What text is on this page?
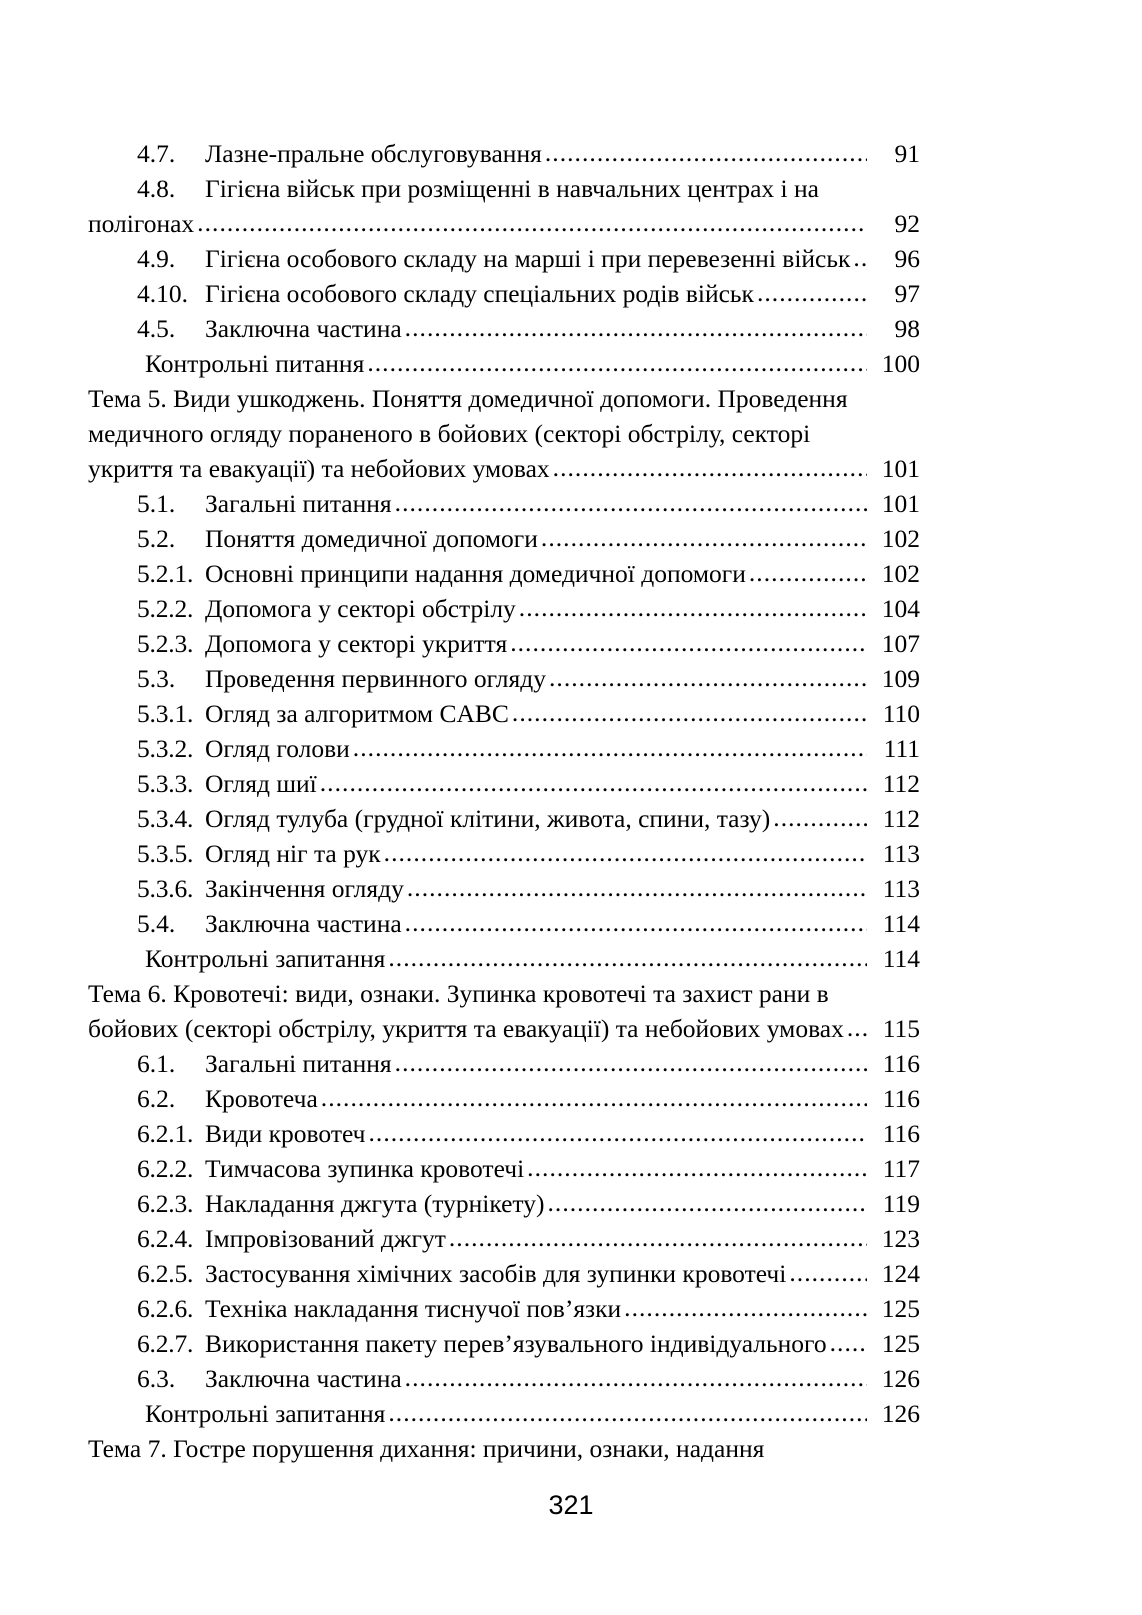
4.7.	Лазне-пральне обслуговування .....	91
4.8.	Гігієна військ при розміщенні в навчальних центрах і на
полігонах .....	92
4.9.	Гігієна особового складу на марші і при перевезенні військ .....	96
4.10. Гігієна особового складу спеціальних родів військ .....	97
4.5.	Заключна частина .....	98
Контрольні питання .....	100
Тема 5. Види ушкоджень. Поняття домедичної допомоги. Проведення
медичного огляду пораненого в бойових (секторі обстрілу, секторі
укриття та евакуації) та небойових умовах .....	101
5.1.	Загальні питання .....	101
5.2.	Поняття домедичної допомоги .....	102
5.2.1. Основні принципи надання домедичної допомоги .....	102
5.2.2. Допомога у секторі обстрілу .....	104
5.2.3. Допомога у секторі укриття .....	107
5.3.	Проведення первинного огляду .....	109
5.3.1. Огляд за алгоритмом CABC .....	110
5.3.2. Огляд голови .....	111
5.3.3. Огляд шиї .....	112
5.3.4. Огляд тулуба (грудної клітини, живота, спини, тазу) .....	112
5.3.5. Огляд ніг та рук .....	113
5.3.6. Закінчення огляду .....	113
5.4.	Заключна частина .....	114
Контрольні запитання .....	114
Тема 6. Кровотечі: види, ознаки. Зупинка кровотечі та захист рани в
бойових (секторі обстрілу, укриття та евакуації) та небойових умовах .....	115
6.1.	Загальні питання .....	116
6.2.	Кровотеча .....	116
6.2.1. Види кровотеч .....	116
6.2.2. Тимчасова зупинка кровотечі .....	117
6.2.3. Накладання джгута (турнікету) .....	119
6.2.4. Імпровізований джгут .....	123
6.2.5. Застосування хімічних засобів для зупинки кровотечі .....	124
6.2.6. Техніка накладання тиснучої пов’язки .....	125
6.2.7. Використання пакету перев’язувального індивідуального .....	125
6.3.	Заключна частина .....	126
Контрольні запитання .....	126
Тема 7. Гостре порушення дихання: причини, ознаки, надання
321
